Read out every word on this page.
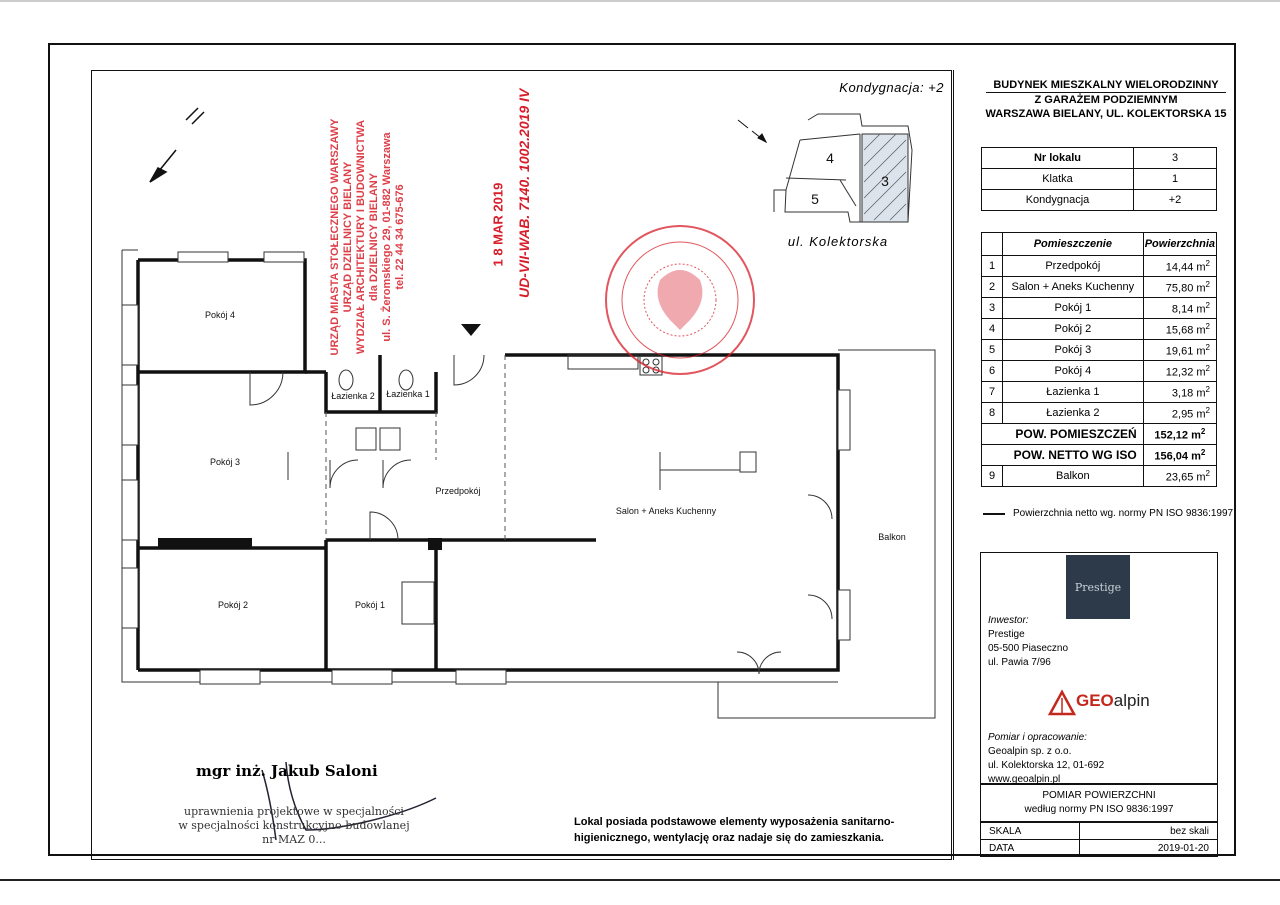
Pokój 4
Pokój 3
Pokój 2	Pokój 1
Łazienka 2 Łazienka 1
Przedpokój
Salon + Aneks Kuchenny
Balkon
4
3
5
ul. Kolektorska
URZĄD MIASTA STOŁECZNEGO WARSZAWY URZĄD DZIELNICY BIELANY WYDZIAŁ ARCHITEKTURY I BUDOWNICTWA dla DZIELNICY BIELANY ul. S. Żeromskiego 29, 01-882 Warszawa tel. 22 44 34 675-676	1 8 MAR 2019 UD-VII-WAB. 7140. 1002.2019 IV
Kondygnacja: +2	BUDYNEK MIESZKALNY WIELORODZINNY
Z GARAŻEM PODZIEMNYM
WARSZAWA BIELANY, UL. KOLEKTORSKA 15
Nr lokalu	3
Klatka	1
Kondygnacja	+2
	Pomieszczenie	Powierzchnia
1	Przedpokój	14,44 $m^2$
2	Salon + Aneks Kuchenny	75,80 $m^2$
3	Pokój 1	8,14 $m^2$
4	Pokój 2	15,68 $m^2$
5	Pokój 3	19,61 $m^2$
6	Pokój 4	12,32 $m^2$
7	Łazienka 1	3,18 $m^2$
8	Łazienka 2	2,95 $m^2$
POW. POMIESZCZEŃ		152,12 $m^2$
POW. NETTO WG ISO		156,04 $m^2$
9	Balkon	23,65 $m^2$
Powierzchnia netto wg. normy PN ISO 9836:1997
Prestige
Inwestor:
Prestige
05-500 Piaseczno
ul. Pawia 7/96
GEOalpin
Pomiar i opracowanie:
Geoalpin sp. z o.o.
ul. Kolektorska 12, 01-692
www.geoalpin.pl
POMIAR POWIERZCHNI
według normy PN ISO 9836:1997
SKALA	bez skali
DATA	2019-01-20
Lokal posiada podstawowe elementy wyposażenia sanitarno-higienicznego, wentylację oraz nadaje się do zamieszkania.
mgr inż. Jakub Saloni
uprawnienia projektowe w specjalności
w specjalności konstrukcyjno-budowlanej
nr MAZ 0...
